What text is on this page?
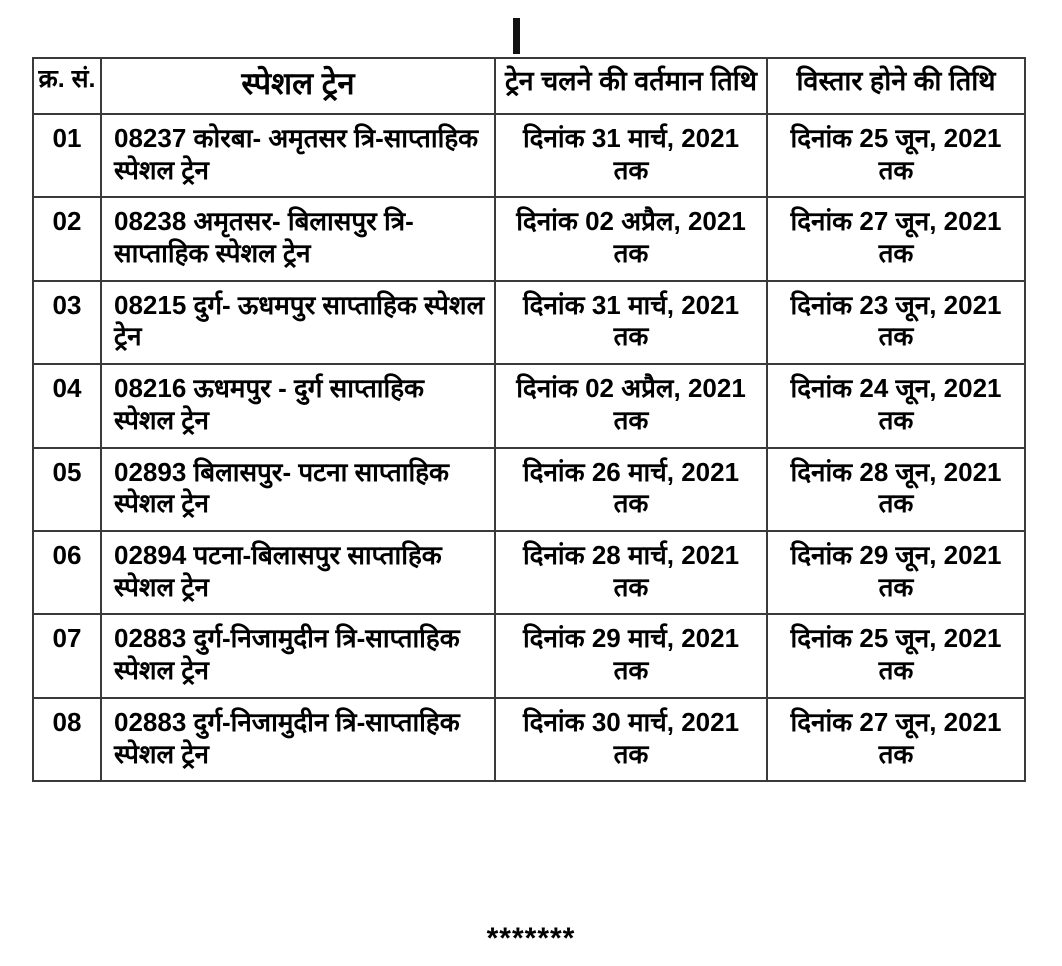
क्र. सं.	स्पेशल ट्रेन	ट्रेन चलने की वर्तमान तिथि	विस्तार होने की तिथि
01	08237 कोरबा- अमृतसर त्रि-साप्ताहिक स्पेशल ट्रेन	दिनांक 31 मार्च, 2021 तक	दिनांक 25 जून, 2021 तक
02	08238 अमृतसर- बिलासपुर त्रि-साप्ताहिक स्पेशल ट्रेन	दिनांक 02 अप्रैल, 2021 तक	दिनांक 27 जून, 2021 तक
03	08215 दुर्ग- ऊधमपुर साप्ताहिक स्पेशल ट्रेन	दिनांक 31 मार्च, 2021 तक	दिनांक 23 जून, 2021 तक
04	08216 ऊधमपुर - दुर्ग साप्ताहिक स्पेशल ट्रेन	दिनांक 02 अप्रैल, 2021 तक	दिनांक 24 जून, 2021 तक
05	02893 बिलासपुर- पटना साप्ताहिक स्पेशल ट्रेन	दिनांक 26 मार्च, 2021 तक	दिनांक 28 जून, 2021 तक
06	02894 पटना-बिलासपुर साप्ताहिक स्पेशल ट्रेन	दिनांक 28 मार्च, 2021 तक	दिनांक 29 जून, 2021 तक
07	02883 दुर्ग-निजामुदीन त्रि-साप्ताहिक स्पेशल ट्रेन	दिनांक 29 मार्च, 2021 तक	दिनांक 25 जून, 2021 तक
08	02883 दुर्ग-निजामुदीन त्रि-साप्ताहिक स्पेशल ट्रेन	दिनांक 30 मार्च, 2021 तक	दिनांक 27 जून, 2021 तक
*******
